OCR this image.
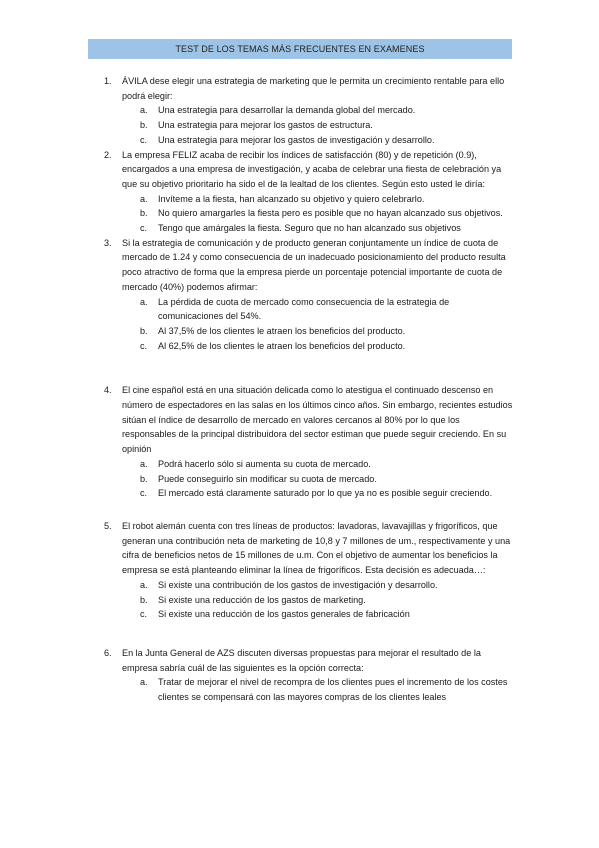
TEST DE LOS TEMAS MÁS FRECUENTES EN EXAMENES
1. ÁVILA dese elegir una estrategia de marketing que le permita un crecimiento rentable para ello podrá elegir:

a. Una estrategia para desarrollar la demanda global del mercado.
b. Una estrategia para mejorar los gastos de estructura.
c. Una estrategia para mejorar los gastos de investigación y desarrollo.
2. La empresa FELIZ acaba de recibir los índices de satisfacción (80) y de repetición (0.9), encargados a una empresa de investigación, y acaba de celebrar una fiesta de celebración ya que su objetivo prioritario ha sido el de la lealtad de los clientes. Según esto usted le diría:

a. Invíteme a la fiesta, han alcanzado su objetivo y quiero celebrarlo.
b. No quiero amargarles la fiesta pero es posible que no hayan alcanzado sus objetivos.
c. Tengo que amárgales la fiesta. Seguro que no han alcanzado sus objetivos
3. Si la estrategia de comunicación y de producto generan conjuntamente un índice de cuota de mercado de 1.24 y como consecuencia de un inadecuado posicionamiento del producto resulta poco atractivo de forma que la empresa pierde un porcentaje potencial importante de cuota de mercado (40%) podemos afirmar:

a. La pérdida de cuota de mercado como consecuencia de la estrategia de comunicaciones del 54%.
b. Al 37,5% de los clientes le atraen los beneficios del producto.
c. Al 62,5% de los clientes le atraen los beneficios del producto.
4. El cine español está en una situación delicada como lo atestigua el continuado descenso en número de espectadores en las salas en los últimos cinco años. Sin embargo, recientes estudios sitúan el índice de desarrollo de mercado en valores cercanos al 80% por lo que los responsables de la principal distribuidora del sector estiman que puede seguir creciendo. En su opinión

a. Podrá hacerlo sólo si aumenta su cuota de mercado.
b. Puede conseguirlo sin modificar su cuota de mercado.
c. El mercado está claramente saturado por lo que ya no es posible seguir creciendo.
5. El robot alemán cuenta con tres líneas de productos: lavadoras, lavavajillas y frigoríficos, que generan una contribución neta de marketing de 10,8 y 7 millones de um., respectivamente y una cifra de beneficios netos de 15 millones de u.m. Con el objetivo de aumentar los beneficios la empresa se está planteando eliminar la línea de frigoríficos. Esta decisión es adecuada…:

a. Si existe una contribución de los gastos de investigación y desarrollo.
b. Si existe una reducción de los gastos de marketing.
c. Si existe una reducción de los gastos generales de fabricación
6. En la Junta General de AZS discuten diversas propuestas para mejorar el resultado de la empresa sabría cuál de las siguientes es la opción correcta:

a. Tratar de mejorar el nivel de recompra de los clientes pues el incremento de los costes clientes se compensará con las mayores compras de los clientes leales
